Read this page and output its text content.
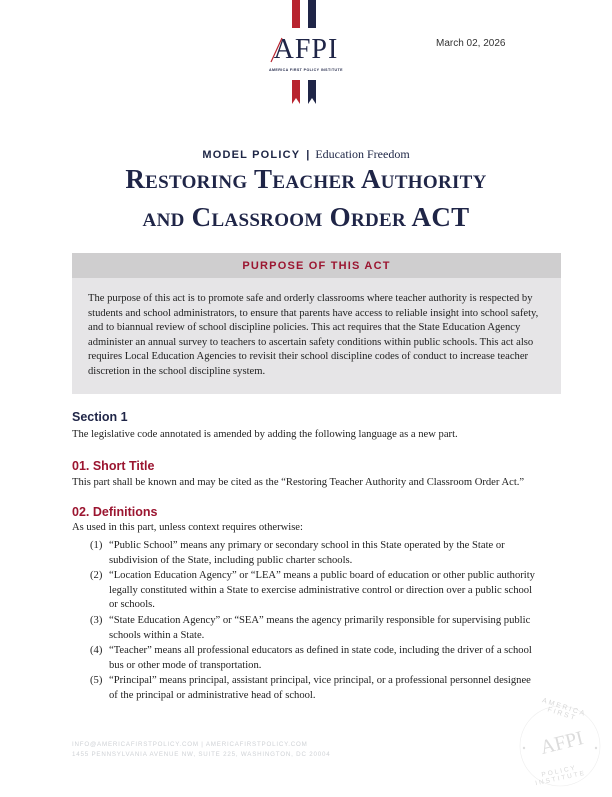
AFPI
AMERICA FIRST POLICY INSTITUTE
March 02, 2026
MODEL POLICY | Education Freedom
Restoring Teacher Authority
and Classroom Order ACT
PURPOSE OF THIS ACT
The purpose of this act is to promote safe and orderly classrooms where teacher authority is respected by students and school administrators, to ensure that parents have access to reliable insight into school safety, and to biannual review of school discipline policies. This act requires that the State Education Agency administer an annual survey to teachers to ascertain safety conditions within public schools. This act also requires Local Education Agencies to revisit their school discipline codes of conduct to increase teacher discretion in the school discipline system.
Section 1
The legislative code annotated is amended by adding the following language as a new part.
01. Short Title
This part shall be known and may be cited as the “Restoring Teacher Authority and Classroom Order Act.”
02. Definitions
As used in this part, unless context requires otherwise:
(1) “Public School” means any primary or secondary school in this State operated by the State or subdivision of the State, including public charter schools.
(2) “Location Education Agency” or “LEA” means a public board of education or other public authority legally constituted within a State to exercise administrative control or direction over a public school or schools.
(3) “State Education Agency” or “SEA” means the agency primarily responsible for supervising public schools within a State.
(4) “Teacher” means all professional educators as defined in state code, including the driver of a school bus or other mode of transportation.
(5) “Principal” means principal, assistant principal, vice principal, or a professional personnel designee of the principal or administrative head of school.
INFO@AMERICAFIRSTPOLICY.COM | AMERICAFIRSTPOLICY.COM
1455 PENNSYLVANIA AVENUE NW, SUITE 225, WASHINGTON, DC 20004
AMERICA FIRST
AFPI
POLICY INSTITUTE
